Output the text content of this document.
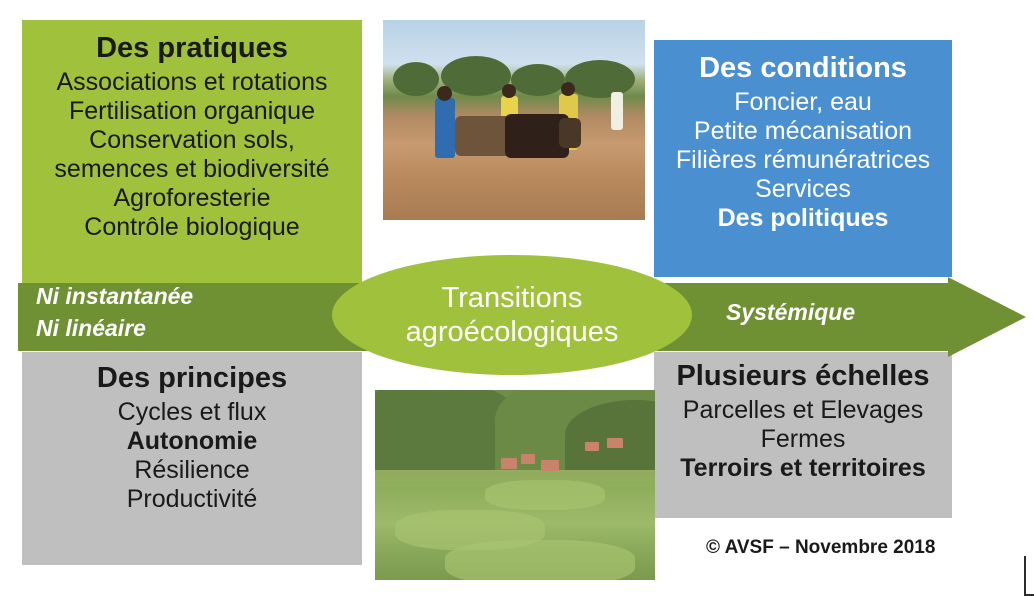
Des pratiques
Associations et rotations
Fertilisation organique
Conservation sols,
semences et biodiversité
Agroforesterie
Contrôle biologique
Des conditions
Foncier, eau
Petite mécanisation
Filières rémunératrices
Services
Des politiques
Des principes
Cycles et flux
Autonomie
Résilience
Productivité
Plusieurs échelles
Parcelles et Elevages
Fermes
Terroirs et territoires
Ni instantanée
Ni linéaire
Systémique
Transitions
agroécologiques
© AVSF – Novembre 2018
